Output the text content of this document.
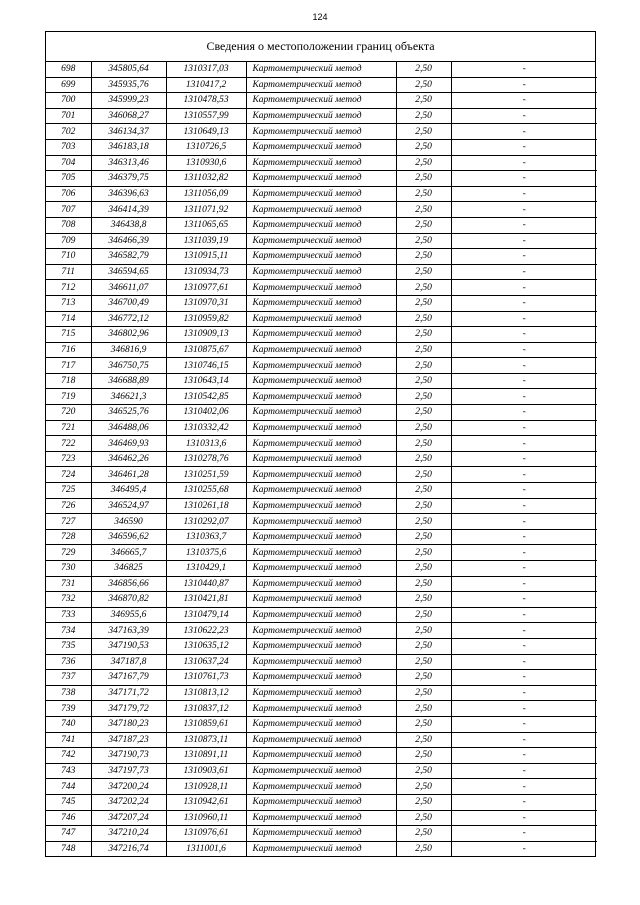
124
Сведения о местоположении границ объекта
698	345805,64	1310317,03	Картометрический метод	2,50	-
699	345935,76	1310417,2	Картометрический метод	2,50	-
700	345999,23	1310478,53	Картометрический метод	2,50	-
701	346068,27	1310557,99	Картометрический метод	2,50	-
702	346134,37	1310649,13	Картометрический метод	2,50	-
703	346183,18	1310726,5	Картометрический метод	2,50	-
704	346313,46	1310930,6	Картометрический метод	2,50	-
705	346379,75	1311032,82	Картометрический метод	2,50	-
706	346396,63	1311056,09	Картометрический метод	2,50	-
707	346414,39	1311071,92	Картометрический метод	2,50	-
708	346438,8	1311065,65	Картометрический метод	2,50	-
709	346466,39	1311039,19	Картометрический метод	2,50	-
710	346582,79	1310915,11	Картометрический метод	2,50	-
711	346594,65	1310934,73	Картометрический метод	2,50	-
712	346611,07	1310977,61	Картометрический метод	2,50	-
713	346700,49	1310970,31	Картометрический метод	2,50	-
714	346772,12	1310959,82	Картометрический метод	2,50	-
715	346802,96	1310909,13	Картометрический метод	2,50	-
716	346816,9	1310875,67	Картометрический метод	2,50	-
717	346750,75	1310746,15	Картометрический метод	2,50	-
718	346688,89	1310643,14	Картометрический метод	2,50	-
719	346621,3	1310542,85	Картометрический метод	2,50	-
720	346525,76	1310402,06	Картометрический метод	2,50	-
721	346488,06	1310332,42	Картометрический метод	2,50	-
722	346469,93	1310313,6	Картометрический метод	2,50	-
723	346462,26	1310278,76	Картометрический метод	2,50	-
724	346461,28	1310251,59	Картометрический метод	2,50	-
725	346495,4	1310255,68	Картометрический метод	2,50	-
726	346524,97	1310261,18	Картометрический метод	2,50	-
727	346590	1310292,07	Картометрический метод	2,50	-
728	346596,62	1310363,7	Картометрический метод	2,50	-
729	346665,7	1310375,6	Картометрический метод	2,50	-
730	346825	1310429,1	Картометрический метод	2,50	-
731	346856,66	1310440,87	Картометрический метод	2,50	-
732	346870,82	1310421,81	Картометрический метод	2,50	-
733	346955,6	1310479,14	Картометрический метод	2,50	-
734	347163,39	1310622,23	Картометрический метод	2,50	-
735	347190,53	1310635,12	Картометрический метод	2,50	-
736	347187,8	1310637,24	Картометрический метод	2,50	-
737	347167,79	1310761,73	Картометрический метод	2,50	-
738	347171,72	1310813,12	Картометрический метод	2,50	-
739	347179,72	1310837,12	Картометрический метод	2,50	-
740	347180,23	1310859,61	Картометрический метод	2,50	-
741	347187,23	1310873,11	Картометрический метод	2,50	-
742	347190,73	1310891,11	Картометрический метод	2,50	-
743	347197,73	1310903,61	Картометрический метод	2,50	-
744	347200,24	1310928,11	Картометрический метод	2,50	-
745	347202,24	1310942,61	Картометрический метод	2,50	-
746	347207,24	1310960,11	Картометрический метод	2,50	-
747	347210,24	1310976,61	Картометрический метод	2,50	-
748	347216,74	1311001,6	Картометрический метод	2,50	-
